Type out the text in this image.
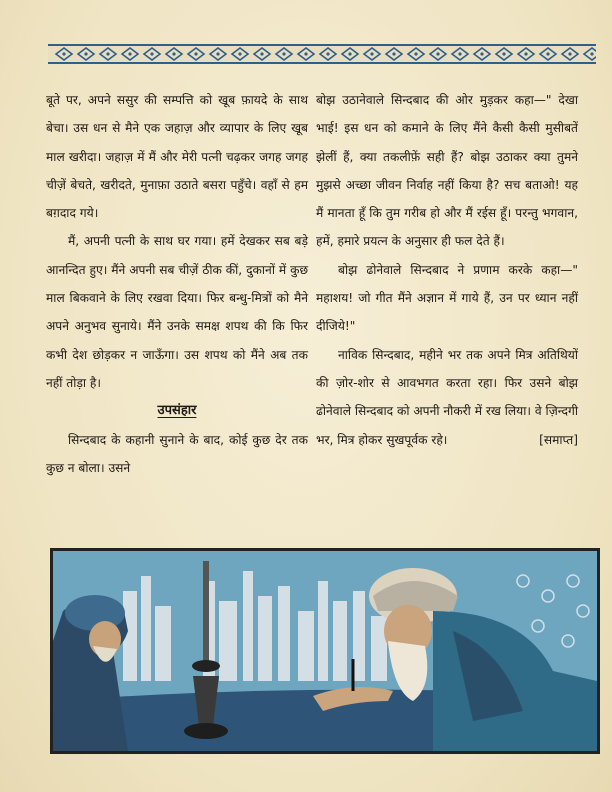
बूते पर, अपने ससुर की सम्पत्ति को खूब फ़ायदे के साथ बेचा। उस धन से मैने एक जहाज़ और व्यापार के लिए खूब माल खरीदा। जहाज़ में मैं और मेरी पत्नी चढ़कर जगह जगह चीज़ें बेचते, खरीदते, मुनाफ़ा उठाते बसरा पहुँचे। वहाँ से हम बग़दाद गये।

मैं, अपनी पत्नी के साथ घर गया। हमें देखकर सब बड़े आनन्दित हुए। मैंने अपनी सब चीज़ें ठीक कीं, दुकानों में कुछ माल बिकवाने के लिए रखवा दिया। फिर बन्धु-मित्रों को मैने अपने अनुभव सुनाये। मैंने उनके समक्ष शपथ की कि फिर कभी देश छोड़कर न जाऊँगा। उस शपथ को मैंने अब तक नहीं तोड़ा है।

उपसंहार

सिन्दबाद के कहानी सुनाने के बाद, कोई कुछ देर तक कुछ न बोला। उसने

बोझ उठानेवाले सिन्दबाद की ओर मुड़कर कहा—" देखा भाई! इस धन को कमाने के लिए मैंने कैसी कैसी मुसीबतें झेलीं हैं, क्या तकलीफ़ें सही हैं? बोझ उठाकर क्या तुमने मुझसे अच्छा जीवन निर्वाह नहीं किया है? सच बताओ! यह मैं मानता हूँ कि तुम गरीब हो और मैं रईस हूँ। परन्तु भगवान, हमें, हमारे प्रयत्न के अनुसार ही फल देते हैं।

बोझ ढोनेवाले सिन्दबाद ने प्रणाम करके कहा—" महाशय! जो गीत मैंने अज्ञान में गाये हैं, उन पर ध्यान नहीं दीजिये!"

नाविक सिन्दबाद, महीने भर तक अपने मित्र अतिथियों की ज़ोर-शोर से आवभगत करता रहा। फिर उसने बोझ ढोनेवाले सिन्दबाद को अपनी नौकरी में रख लिया। वे ज़िन्दगी भर, मित्र होकर सुखपूर्वक रहे।	[समाप्त]
